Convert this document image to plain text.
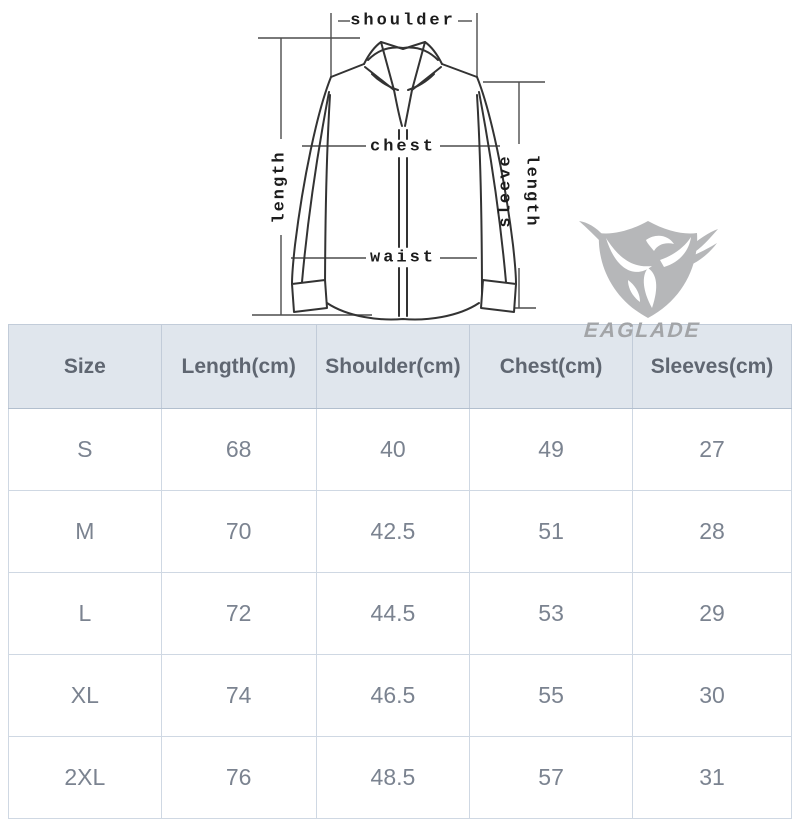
shoulder
chest
waist
length	sleeve length
EAGLADE
Size	Length(cm)	Shoulder(cm)	Chest(cm)	Sleeves(cm)
S	68	40	49	27
M	70	42.5	51	28
L	72	44.5	53	29
XL	74	46.5	55	30
2XL	76	48.5	57	31
